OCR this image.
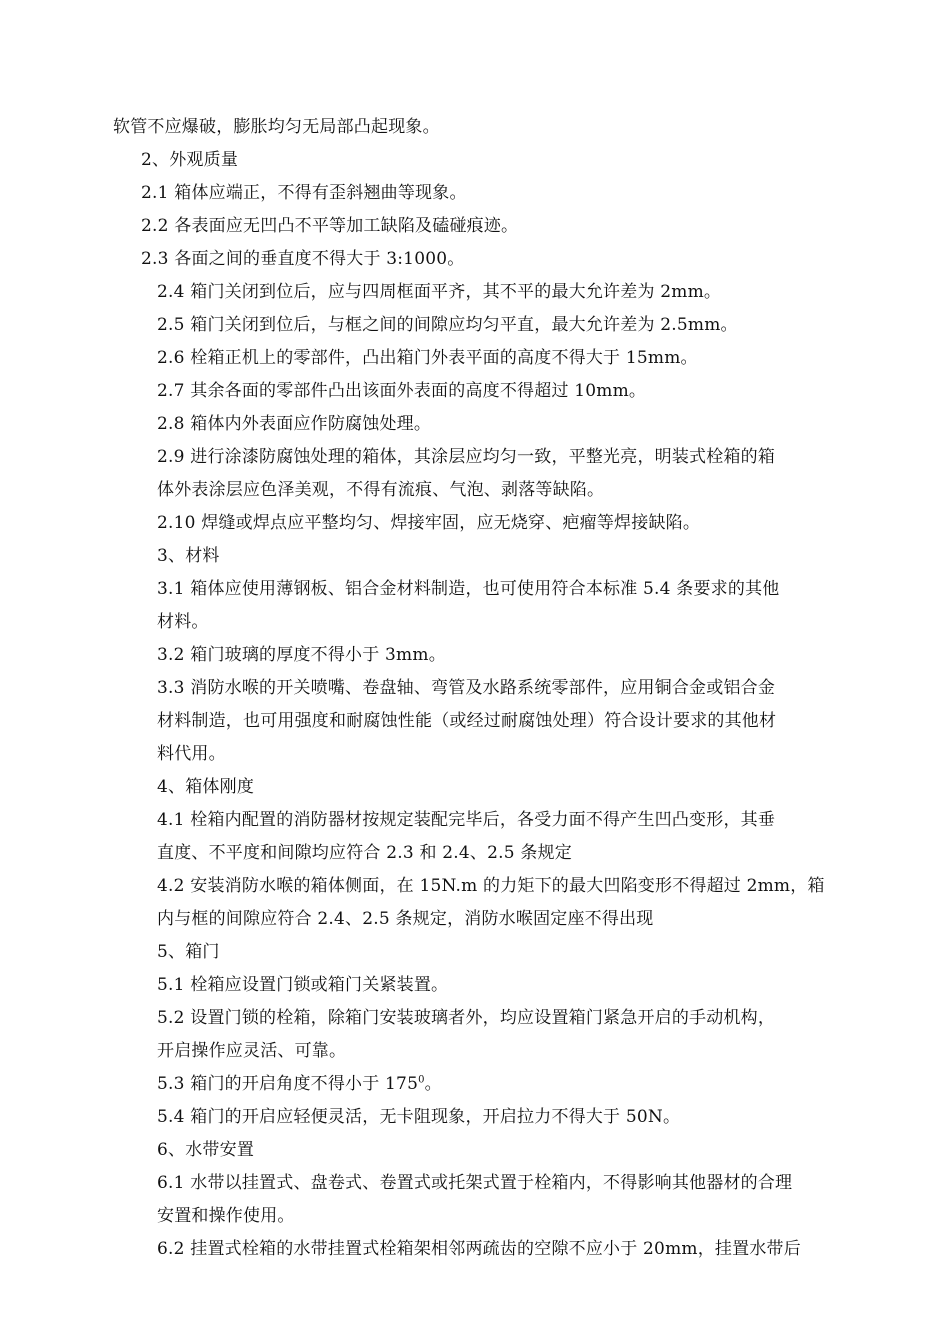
软管不应爆破，膨胀均匀无局部凸起现象。
2、外观质量
2.1 箱体应端正，不得有歪斜翘曲等现象。
2.2 各表面应无凹凸不平等加工缺陷及磕碰痕迹。
2.3 各面之间的垂直度不得大于 3:1000。
2.4 箱门关闭到位后，应与四周框面平齐，其不平的最大允许差为 2mm。
2.5 箱门关闭到位后，与框之间的间隙应均匀平直，最大允许差为 2.5mm。
2.6 栓箱正机上的零部件，凸出箱门外表平面的高度不得大于 15mm。
2.7 其余各面的零部件凸出该面外表面的高度不得超过 10mm。
2.8 箱体内外表面应作防腐蚀处理。
2.9 进行涂漆防腐蚀处理的箱体，其涂层应均匀一致，平整光亮，明装式栓箱的箱
体外表涂层应色泽美观，不得有流痕、气泡、剥落等缺陷。
2.10 焊缝或焊点应平整均匀、焊接牢固，应无烧穿、疤瘤等焊接缺陷。
3、材料
3.1 箱体应使用薄钢板、铝合金材料制造，也可使用符合本标准 5.4 条要求的其他
材料。
3.2 箱门玻璃的厚度不得小于 3mm。
3.3 消防水喉的开关喷嘴、卷盘轴、弯管及水路系统零部件，应用铜合金或铝合金
材料制造，也可用强度和耐腐蚀性能（或经过耐腐蚀处理）符合设计要求的其他材
料代用。
4、箱体刚度
4.1 栓箱内配置的消防器材按规定装配完毕后，各受力面不得产生凹凸变形，其垂
直度、不平度和间隙均应符合 2.3 和 2.4、2.5 条规定
4.2 安装消防水喉的箱体侧面，在 15N.m 的力矩下的最大凹陷变形不得超过 2mm，箱
内与框的间隙应符合 2.4、2.5 条规定，消防水喉固定座不得出现
5、箱门
5.1 栓箱应设置门锁或箱门关紧装置。
5.2 设置门锁的栓箱，除箱门安装玻璃者外，均应设置箱门紧急开启的手动机构，
开启操作应灵活、可靠。
5.3 箱门的开启角度不得小于 $175^0$。
5.4 箱门的开启应轻便灵活，无卡阻现象，开启拉力不得大于 50N。
6、水带安置
6.1 水带以挂置式、盘卷式、卷置式或托架式置于栓箱内，不得影响其他器材的合理
安置和操作使用。
6.2 挂置式栓箱的水带挂置式栓箱架相邻两疏齿的空隙不应小于 20mm，挂置水带后
